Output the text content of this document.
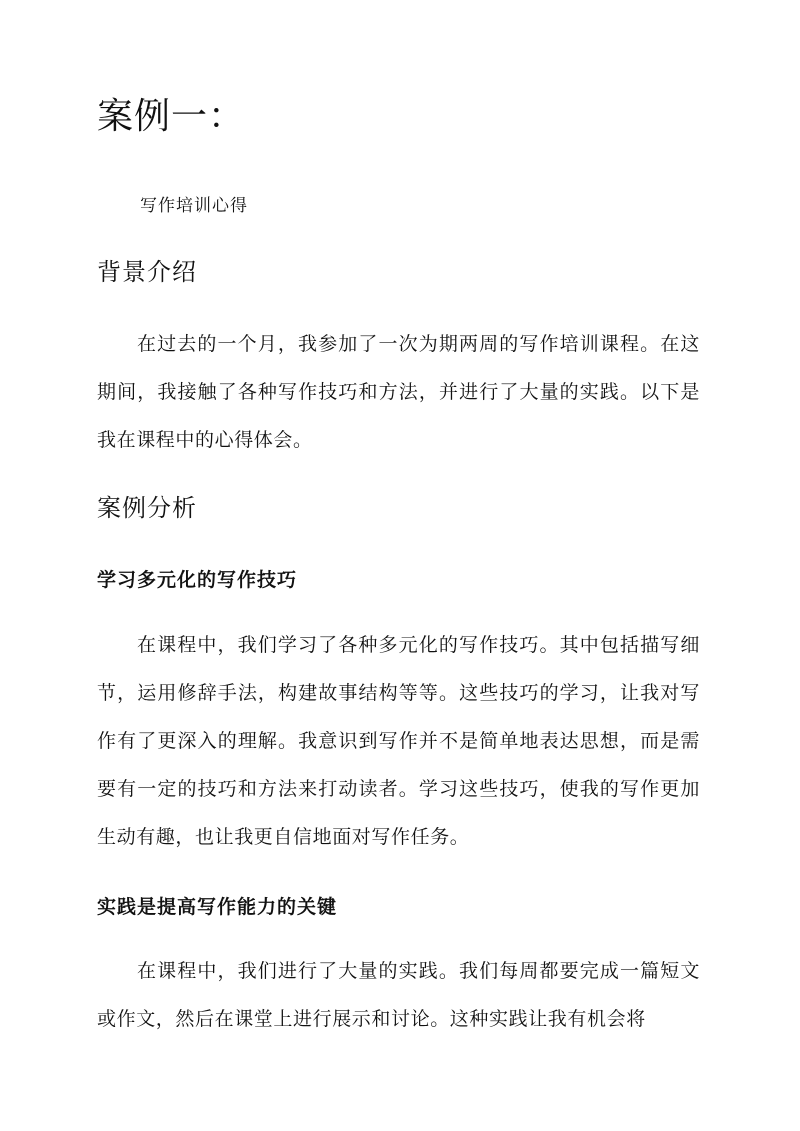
案例一：

写作培训心得

背景介绍

在过去的一个月，我参加了一次为期两周的写作培训课程。在这期间，我接触了各种写作技巧和方法，并进行了大量的实践。以下是我在课程中的心得体会。

案例分析
学习多元化的写作技巧

在课程中，我们学习了各种多元化的写作技巧。其中包括描写细节，运用修辞手法，构建故事结构等等。这些技巧的学习，让我对写作有了更深入的理解。我意识到写作并不是简单地表达思想，而是需要有一定的技巧和方法来打动读者。学习这些技巧，使我的写作更加生动有趣，也让我更自信地面对写作任务。

实践是提高写作能力的关键

在课程中，我们进行了大量的实践。我们每周都要完成一篇短文或作文，然后在课堂上进行展示和讨论。这种实践让我有机会将
